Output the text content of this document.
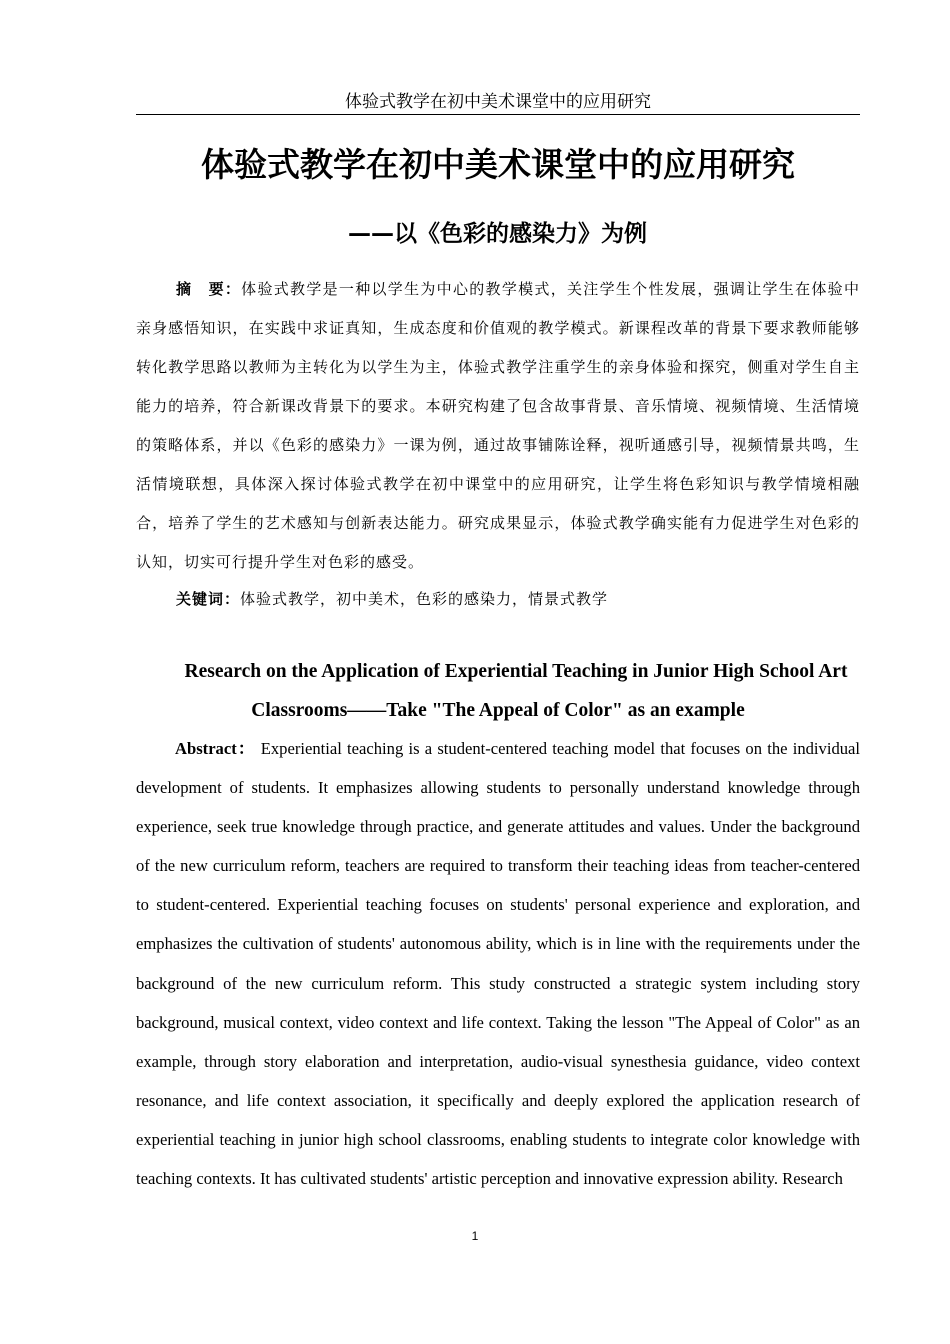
体验式教学在初中美术课堂中的应用研究
体验式教学在初中美术课堂中的应用研究
——以《色彩的感染力》为例
摘　要：体验式教学是一种以学生为中心的教学模式，关注学生个性发展，强调让学生在体验中亲身感悟知识，在实践中求证真知，生成态度和价值观的教学模式。新课程改革的背景下要求教师能够转化教学思路以教师为主转化为以学生为主，体验式教学注重学生的亲身体验和探究，侧重对学生自主能力的培养，符合新课改背景下的要求。本研究构建了包含故事背景、音乐情境、视频情境、生活情境的策略体系，并以《色彩的感染力》一课为例，通过故事铺陈诠释，视听通感引导，视频情景共鸣，生活情境联想，具体深入探讨体验式教学在初中课堂中的应用研究，让学生将色彩知识与教学情境相融合，培养了学生的艺术感知与创新表达能力。研究成果显示，体验式教学确实能有力促进学生对色彩的认知，切实可行提升学生对色彩的感受。
关键词：体验式教学，初中美术，色彩的感染力，情景式教学
Research on the Application of Experiential Teaching in Junior High School Art
Classrooms——Take "The Appeal of Color" as an example
Abstract： Experiential teaching is a student-centered teaching model that focuses on the individual development of students. It emphasizes allowing students to personally understand knowledge through experience, seek true knowledge through practice, and generate attitudes and values. Under the background of the new curriculum reform, teachers are required to transform their teaching ideas from teacher-centered to student-centered. Experiential teaching focuses on students' personal experience and exploration, and emphasizes the cultivation of students' autonomous ability, which is in line with the requirements under the background of the new curriculum reform. This study constructed a strategic system including story background, musical context, video context and life context. Taking the lesson "The Appeal of Color" as an example, through story elaboration and interpretation, audio-visual synesthesia guidance, video context resonance, and life context association, it specifically and deeply explored the application research of experiential teaching in junior high school classrooms, enabling students to integrate color knowledge with teaching contexts. It has cultivated students' artistic perception and innovative expression ability. Research
1
